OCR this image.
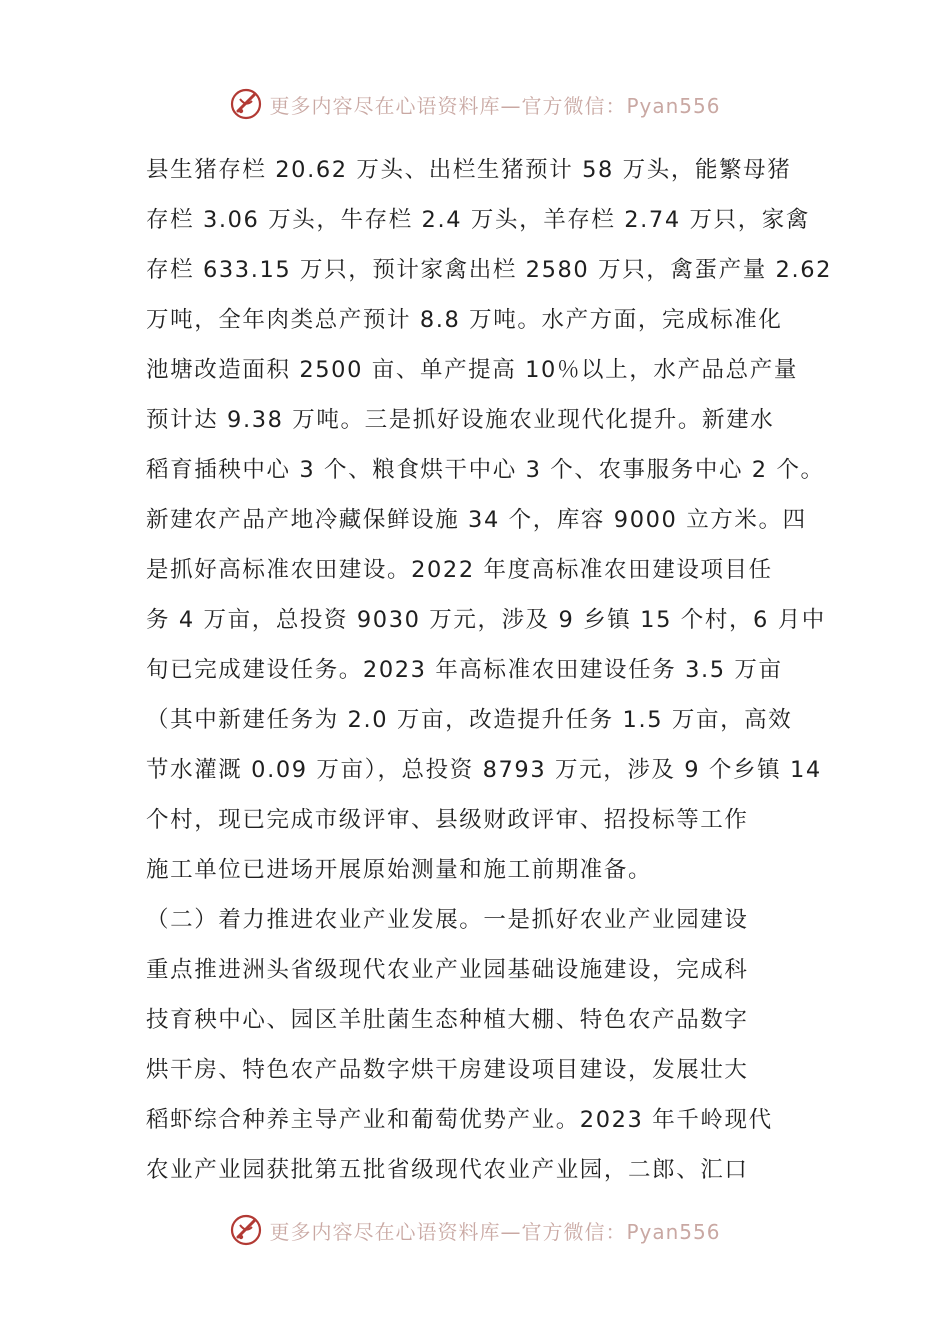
更多内容尽在心语资料库—官方微信：Pyan556
县生猪存栏 20.62 万头、出栏生猪预计 58 万头，能繁母猪
存栏 3.06 万头，牛存栏 2.4 万头，羊存栏 2.74 万只，家禽
存栏 633.15 万只，预计家禽出栏 2580 万只，禽蛋产量 2.62
万吨，全年肉类总产预计 8.8 万吨。水产方面，完成标准化
池塘改造面积 2500 亩、单产提高 10％以上，水产品总产量
预计达 9.38 万吨。三是抓好设施农业现代化提升。新建水
稻育插秧中心 3 个、粮食烘干中心 3 个、农事服务中心 2 个。
新建农产品产地冷藏保鲜设施 34 个，库容 9000 立方米。四
是抓好高标准农田建设。2022 年度高标准农田建设项目任
务 4 万亩，总投资 9030 万元，涉及 9 乡镇 15 个村，6 月中
旬已完成建设任务。2023 年高标准农田建设任务 3.5 万亩
（其中新建任务为 2.0 万亩，改造提升任务 1.5 万亩，高效
节水灌溉 0.09 万亩），总投资 8793 万元，涉及 9 个乡镇 14
个村，现已完成市级评审、县级财政评审、招投标等工作
施工单位已进场开展原始测量和施工前期准备。
（二）着力推进农业产业发展。一是抓好农业产业园建设
重点推进洲头省级现代农业产业园基础设施建设，完成科
技育秧中心、园区羊肚菌生态种植大棚、特色农产品数字
烘干房、特色农产品数字烘干房建设项目建设，发展壮大
稻虾综合种养主导产业和葡萄优势产业。2023 年千岭现代
农业产业园获批第五批省级现代农业产业园，二郎、汇口
更多内容尽在心语资料库—官方微信：Pyan556
